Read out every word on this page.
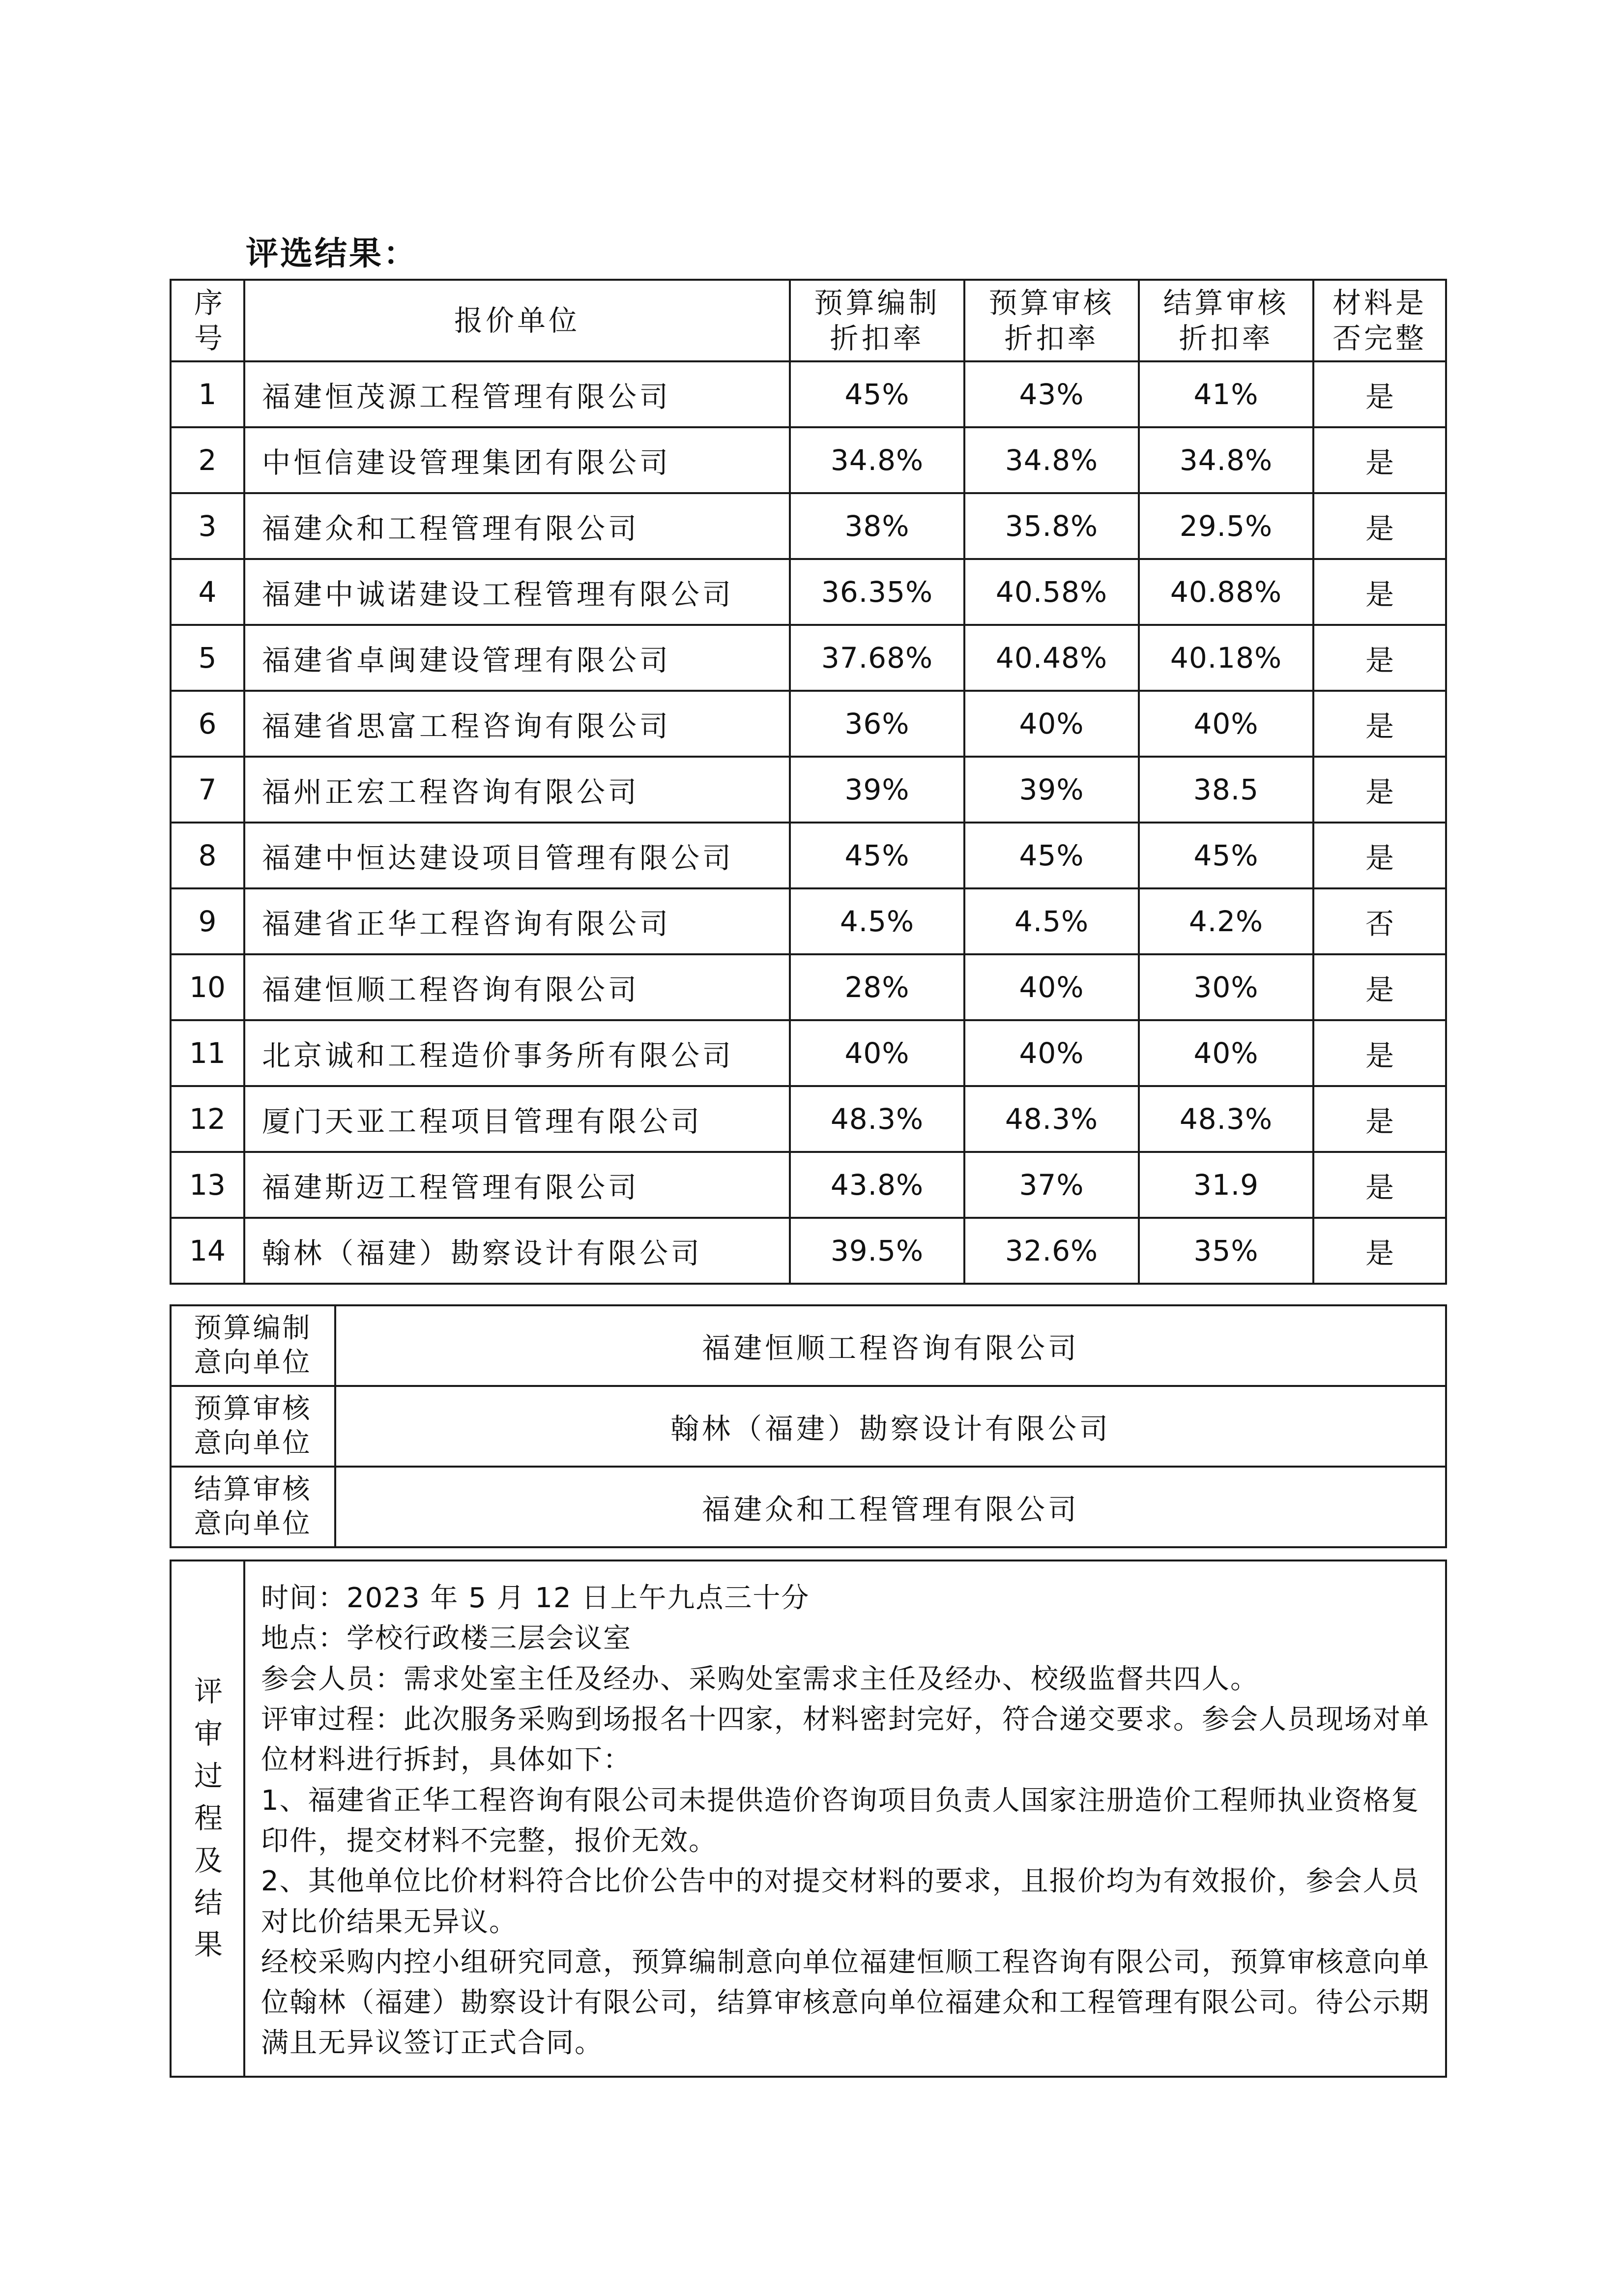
评选结果：
序号	报价单位	预算编制折扣率	预算审核折扣率	结算审核折扣率	材料是否完整
1	福建恒茂源工程管理有限公司	45%	43%	41%	是
2	中恒信建设管理集团有限公司	34.8%	34.8%	34.8%	是
3	福建众和工程管理有限公司	38%	35.8%	29.5%	是
4	福建中诚诺建设工程管理有限公司	36.35%	40.58%	40.88%	是
5	福建省卓闽建设管理有限公司	37.68%	40.48%	40.18%	是
6	福建省思富工程咨询有限公司	36%	40%	40%	是
7	福州正宏工程咨询有限公司	39%	39%	38.5	是
8	福建中恒达建设项目管理有限公司	45%	45%	45%	是
9	福建省正华工程咨询有限公司	4.5%	4.5%	4.2%	否
10	福建恒顺工程咨询有限公司	28%	40%	30%	是
11	北京诚和工程造价事务所有限公司	40%	40%	40%	是
12	厦门天亚工程项目管理有限公司	48.3%	48.3%	48.3%	是
13	福建斯迈工程管理有限公司	43.8%	37%	31.9	是
14	翰林（福建）勘察设计有限公司	39.5%	32.6%	35%	是
预算编制意向单位	福建恒顺工程咨询有限公司
预算审核意向单位	翰林（福建）勘察设计有限公司
结算审核意向单位	福建众和工程管理有限公司
评审过程及结果	
时间：2023 年 5 月 12 日上午九点三十分
地点：学校行政楼三层会议室
参会人员：需求处室主任及经办、采购处室需求主任及经办、校级监督共四人。
评审过程：此次服务采购到场报名十四家，材料密封完好，符合递交要求。参会人员现场对单位材料进行拆封，具体如下：
1、福建省正华工程咨询有限公司未提供造价咨询项目负责人国家注册造价工程师执业资格复印件，提交材料不完整，报价无效。
2、其他单位比价材料符合比价公告中的对提交材料的要求，且报价均为有效报价，参会人员对比价结果无异议。
经校采购内控小组研究同意，预算编制意向单位福建恒顺工程咨询有限公司，预算审核意向单位翰林（福建）勘察设计有限公司，结算审核意向单位福建众和工程管理有限公司。待公示期满且无异议签订正式合同。
